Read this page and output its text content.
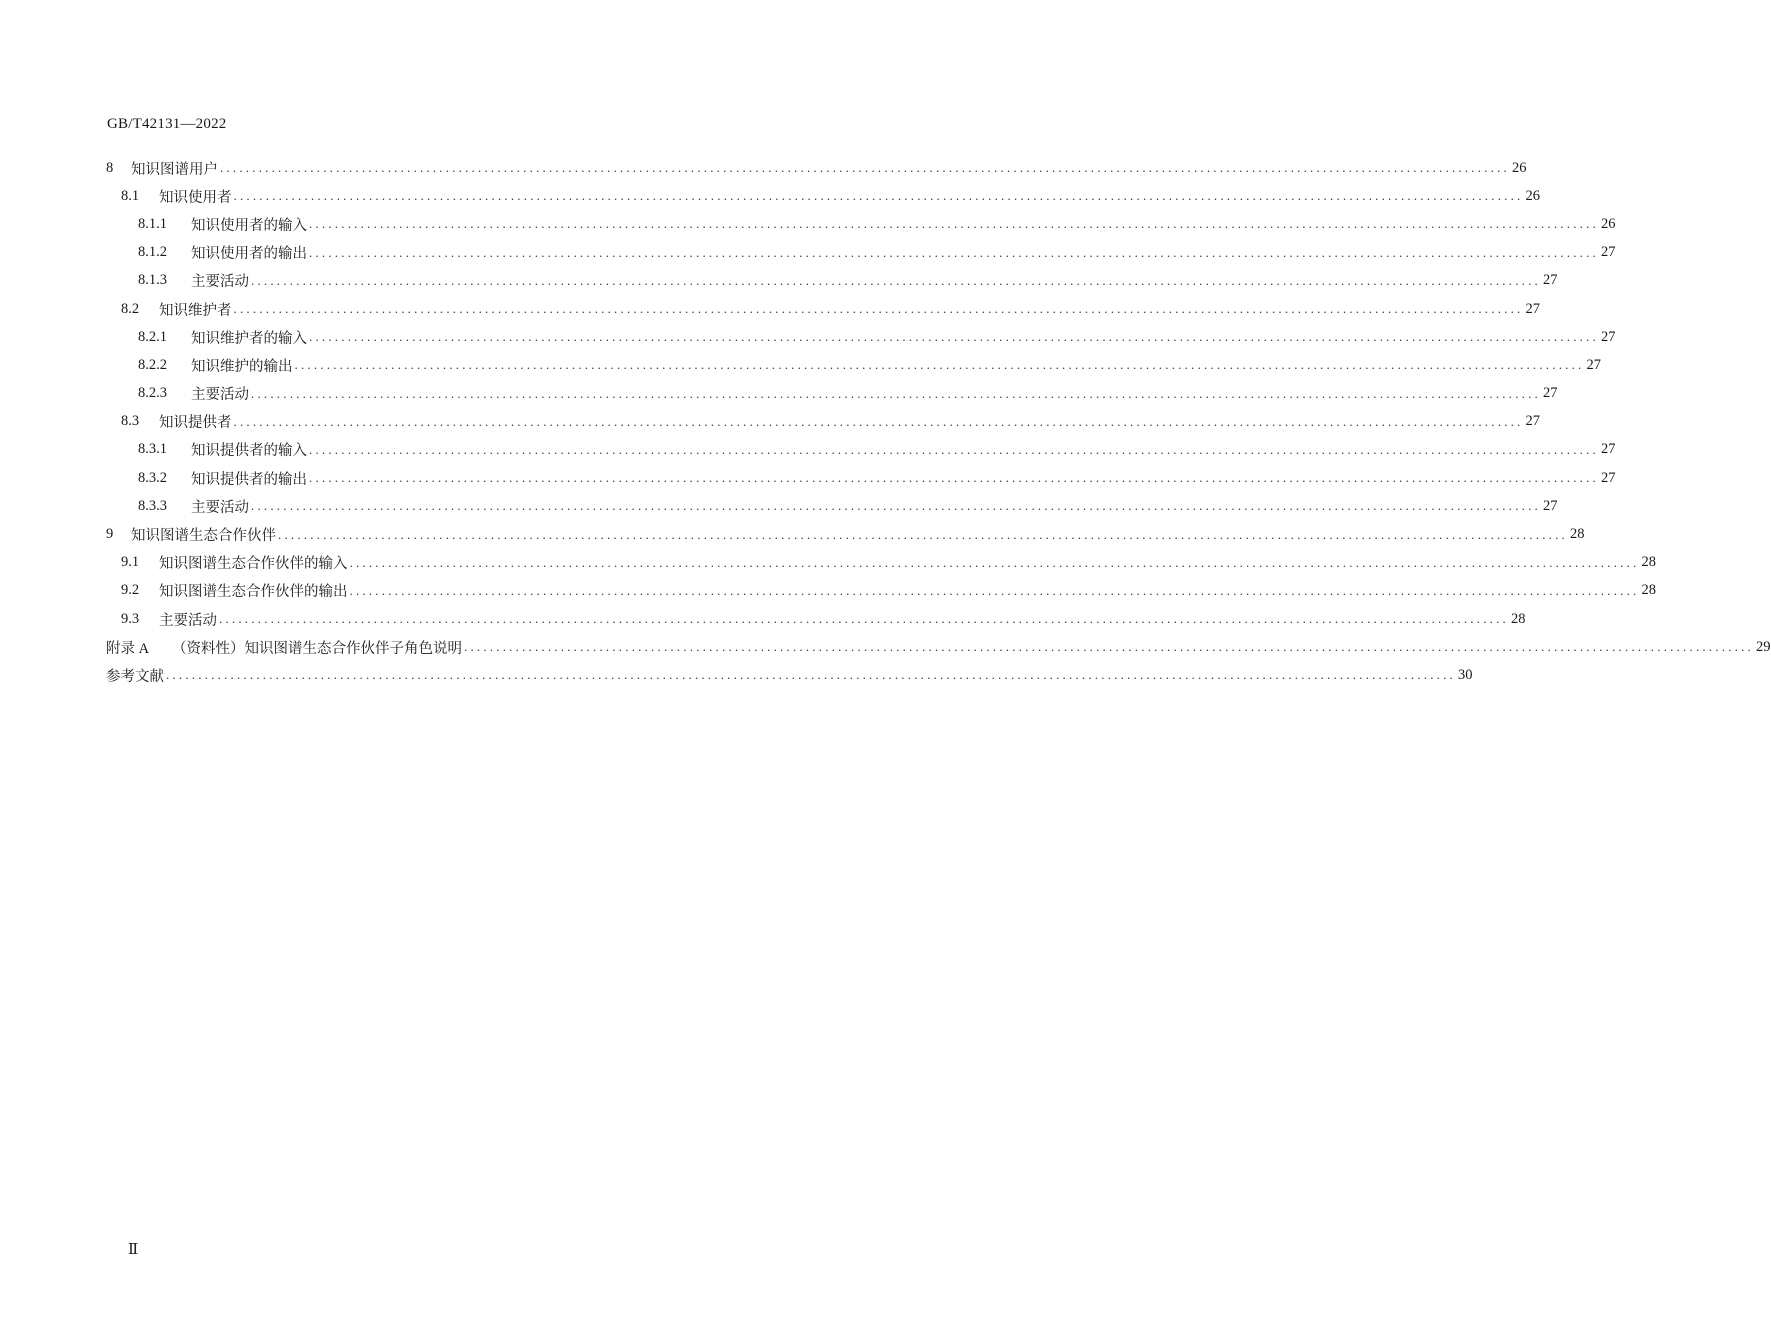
GB/T42131—2022
8	知识图谱用户 ........................................................................................................................................................................................................ 26
8.1	知识使用者 ........................................................................................................................................................................................................ 26
8.1.1	知识使用者的输入 ........................................................................................................................................................................................................ 26
8.1.2	知识使用者的输出 ........................................................................................................................................................................................................ 27
8.1.3	主要活动 ........................................................................................................................................................................................................ 27
8.2	知识维护者 ........................................................................................................................................................................................................ 27
8.2.1	知识维护者的输入 ........................................................................................................................................................................................................ 27
8.2.2	知识维护的输出 ........................................................................................................................................................................................................ 27
8.2.3	主要活动 ........................................................................................................................................................................................................ 27
8.3	知识提供者 ........................................................................................................................................................................................................ 27
8.3.1	知识提供者的输入 ........................................................................................................................................................................................................ 27
8.3.2	知识提供者的输出 ........................................................................................................................................................................................................ 27
8.3.3	主要活动 ........................................................................................................................................................................................................ 27
9	知识图谱生态合作伙伴 ........................................................................................................................................................................................................ 28
9.1	知识图谱生态合作伙伴的输入 ........................................................................................................................................................................................................ 28
9.2	知识图谱生态合作伙伴的输出 ........................................................................................................................................................................................................ 28
9.3	主要活动 ........................................................................................................................................................................................................ 28
附录 A	（资料性）知识图谱生态合作伙伴子角色说明 ........................................................................................................................................................................................................ 29
参考文献 ........................................................................................................................................................................................................ 30
Ⅱ
